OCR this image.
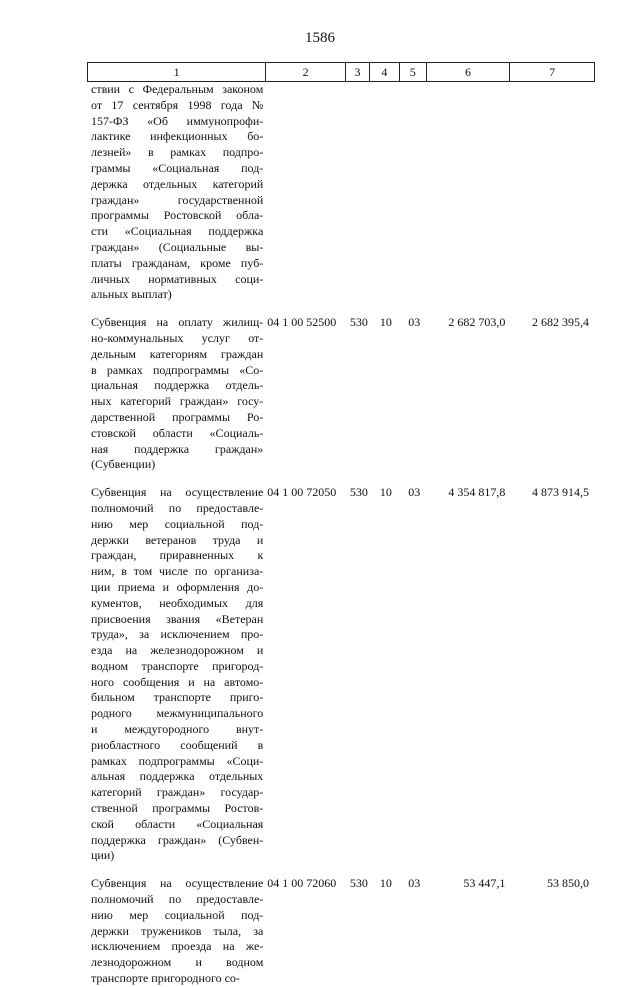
1586
1	2	3	4	5	6	7
ствии с Федеральным законом
от 17 сентября 1998 года №
157-ФЗ «Об иммунопрофи-
лактике инфекционных бо-
лезней» в рамках подпро-
граммы «Социальная под-
держка отдельных категорий
граждан» государственной
программы Ростовской обла-
сти «Социальная поддержка
граждан» (Социальные вы-
платы гражданам, кроме пуб-
личных нормативных соци-
альных выплат)
Субвенция на оплату жилищ-
но-коммунальных услуг от-
дельным категориям граждан
в рамках подпрограммы «Со-
циальная поддержка отдель-
ных категорий граждан» госу-
дарственной программы Ро-
стовской области «Социаль-
ная поддержка граждан»
(Субвенции)
04 1 00 52500	530 10	03	2 682 703,0	2 682 395,4
Субвенция на осуществление
полномочий по предоставле-
нию мер социальной под-
держки ветеранов труда и
граждан, приравненных к
ним, в том числе по организа-
ции приема и оформления до-
кументов, необходимых для
присвоения звания «Ветеран
труда», за исключением про-
езда на железнодорожном и
водном транспорте пригород-
ного сообщения и на автомо-
бильном транспорте приго-
родного межмуниципального
и междугородного внут-
риобластного сообщений в
рамках подпрограммы «Соци-
альная поддержка отдельных
категорий граждан» государ-
ственной программы Ростов-
ской области «Социальная
поддержка граждан» (Субвен-
ции)
04 1 00 72050	530 10	03	4 354 817,8	4 873 914,5
Субвенция на осуществление
полномочий по предоставле-
нию мер социальной под-
держки тружеников тыла, за
исключением проезда на же-
лезнодорожном и водном
транспорте пригородного со-
04 1 00 72060	530 10	03	53 447,1	53 850,0
